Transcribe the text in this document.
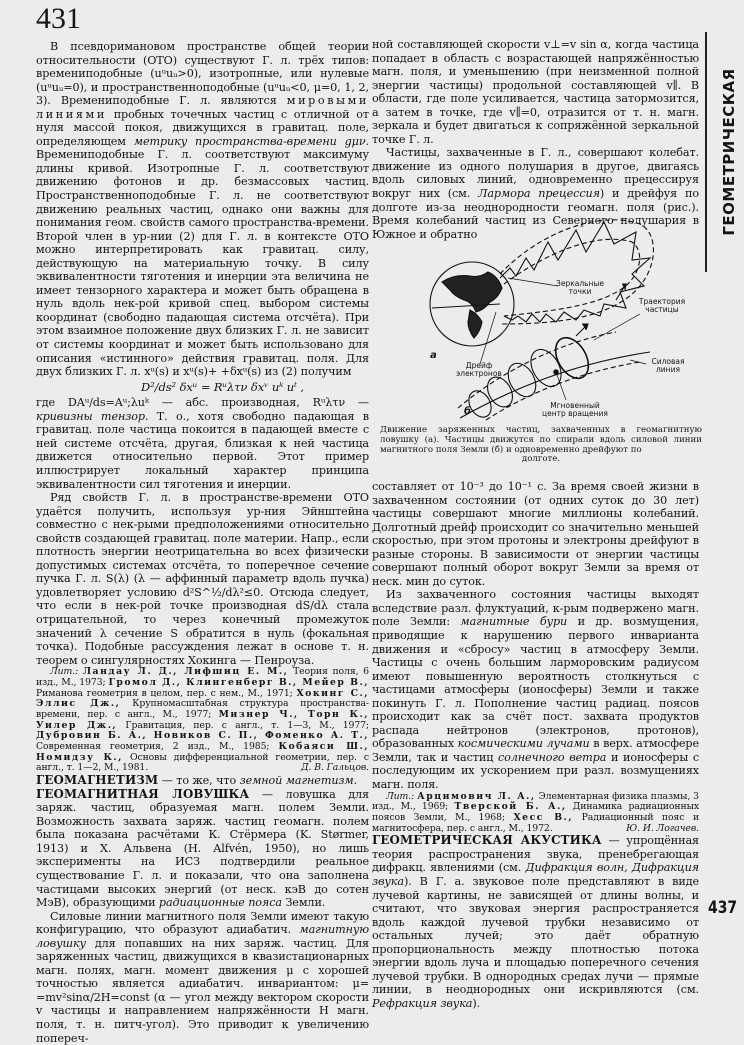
431
ГЕОМЕТРИЧЕСКАЯ
437

В псевдоримановом пространстве общей теории относительности (ОТО) существуют Г. л. трёх типов: времениподобные (uᵘuᵤ>0), изотропные, или нулевые (uᵘuᵤ=0), и пространственноподобные (uᵘuᵤ<0, μ=0, 1, 2, 3). Времениподобные Г. л. являются мировыми линиями пробных точечных частиц с отличной от нуля массой покоя, движущихся в гравитац. поле, определяющем метрику пространства-времени gμν. Времениподобные Г. л. соответствуют максимуму длины кривой. Изотропные Г. л. соответствуют движению фотонов и др. безмассовых частиц. Пространственноподобные Г. л. не соответствуют движению реальных частиц, однако они важны для понимания геом. свойств самого пространства-времени. Второй член в ур-нии (2) для Г. л. в контексте ОТО можно интерпретировать как гравитац. силу, действующую на материальную точку. В силу эквивалентности тяготения и инерции эта величина не имеет тензорного характера и может быть обращена в нуль вдоль нек-рой кривой спец. выбором системы координат (свободно падающая система отсчёта). При этом взаимное положение двух близких Г. л. не зависит от системы координат и может быть использовано для описания «истинного» действия гравитац. поля. Для двух близких Г. л. xᵘ(s) и xᵘ(s)+ +δxᵘ(s) из (2) получим

D²/ds² δxᵘ = Rᵘλτν δxᵛ uᵏ uᵗ ,

где DAᵘ/ds=Aᵘ;λuᵏ — абс. производная, Rᵘλτν — кривизны тензор. Т. о., хотя свободно падающая в гравитац. поле частица покоится в падающей вместе с ней системе отсчёта, другая, близкая к ней частица движется относительно первой. Этот пример иллюстрирует локальный характер принципа эквивалентности сил тяготения и инерции.

Ряд свойств Г. л. в пространстве-времени ОТО удаётся получить, используя ур-ния Эйнштейна совместно с нек-рыми предположениями относительно свойств создающей гравитац. поле материи. Напр., если плотность энергии неотрицательна во всех физически допустимых системах отсчёта, то поперечное сечение пучка Г. л. S(λ) (λ — аффинный параметр вдоль пучка) удовлетворяет условию d²S^½/dλ²≤0. Отсюда следует, что если в нек-рой точке производная dS/dλ стала отрицательной, то через конечный промежуток значений λ сечение S обратится в нуль (фокальная точка). Подобные рассуждения лежат в основе т. н. теорем о сингулярностях Хокинга — Пенроуза.

Лит.: Ландау Л. Д., Лифшиц Е. М., Теория поля, 6 изд., М., 1973; Громол Д., Клингенберг В., Мейер В., Риманова геометрия в целом, пер. с нем., М., 1971; Хокинг С., Эллис Дж., Крупномасштабная структура пространства-времени, пер. с англ., М., 1977; Мизнер Ч., Торн К., Уилер Дж., Гравитация, пер. с англ., т. 1—3, М., 1977; Дубровин Б. А., Новиков С. П., Фоменко А. Т., Современная геометрия, 2 изд., М., 1985; Кобаяси Ш., Номидзу К., Основы дифференциальной геометрии, пер. с англ., т. 1—2, М., 1981.	Д. В. Гальцов.

ГЕОМАГНЕТИЗМ — то же, что земной магнетизм.

ГЕОМАГНИТНАЯ ЛОВУШКА — ловушка для заряж. частиц, образуемая магн. полем Земли. Возможность захвата заряж. частиц геомагн. полем была показана расчётами К. Стёрмера (K. Størmer, 1913) и X. Альвена (H. Alfvén, 1950), но лишь эксперименты на ИСЗ подтвердили реальное существование Г. л. и показали, что она заполнена частицами высоких энергий (от неск. кэВ до сотен МэВ), образующими радиационные пояса Земли.

Силовые линии магнитного поля Земли имеют такую конфигурацию, что образуют адиабатич. магнитную ловушку для попавших на них заряж. частиц. Для заряженных частиц, движущихся в квазистационарных магн. полях, магн. момент движения μ с хорошей точностью является адиабатич. инвариантом: μ= =mv²sinα/2H=const (α — угол между вектором скорости v частицы и направлением напряжённости H магн. поля, т. н. питч-угол). Это приводит к увеличению попереч-

ной составляющей скорости v⊥=v sin α, когда частица попадает в область с возрастающей напряжённостью магн. поля, и уменьшению (при неизменной полной энергии частицы) продольной составляющей v∥. В области, где поле усиливается, частица затормозится, а затем в точке, где v∥=0, отразится от т. н. магн. зеркала и будет двигаться к сопряжённой зеркальной точке Г. л.

Частицы, захваченные в Г. л., совершают колебат. движение из одного полушария в другое, двигаясь вдоль силовых линий, одновременно прецессируя вокруг них (см. Лармора прецессия) и дрейфуя по долготе из-за неоднородности геомагн. поля (рис.). Время колебаний частиц из Северного полушария в Южное и обратно

Зеркальные точки
Дрейф электронов
Траектория частицы
Силовая линия
Мгновенный центр вращения
а
б
Движение заряженных частиц, захваченных в геомагнитную ловушку (а). Частицы движутся по спирали вдоль силовой линии магнитного поля Земли (б) и одновременно дрейфуют по
долготе.

составляет от 10⁻³ до 10⁻¹ с. За время своей жизни в захваченном состоянии (от одних суток до 30 лет) частицы совершают многие миллионы колебаний. Долготный дрейф происходит со значительно меньшей скоростью, при этом протоны и электроны дрейфуют в разные стороны. В зависимости от энергии частицы совершают полный оборот вокруг Земли за время от неск. мин до суток.

Из захваченного состояния частицы выходят вследствие разл. флуктуаций, к-рым подвержено магн. поле Земли: магнитные бури и др. возмущения, приводящие к нарушению первого инварианта движения и «сбросу» частиц в атмосферу Земли. Частицы с очень большим ларморовским радиусом имеют повышенную вероятность столкнуться с частицами атмосферы (ионосферы) Земли и также покинуть Г. л. Пополнение частиц радиац. поясов происходит как за счёт пост. захвата продуктов распада нейтронов (электронов, протонов), образованных космическими лучами в верх. атмосфере Земли, так и частиц солнечного ветра и ионосферы с последующим их ускорением при разл. возмущениях магн. поля.

Лит.: Арцимович Л. А., Элементарная физика плазмы, 3 изд., М., 1969; Тверской Б. А., Динамика радиационных поясов Земли, М., 1968; Хесс В., Радиационный пояс и магнитосфера, пер. с англ., М., 1972.	Ю. И. Логачев.

ГЕОМЕТРИЧЕСКАЯ АКУСТИКА — упрощённая теория распространения звука, пренебрегающая дифракц. явлениями (см. Дифракция волн, Дифракция звука). В Г. а. звуковое поле представляют в виде лучевой картины, не зависящей от длины волны, и считают, что звуковая энергия распространяется вдоль каждой лучевой трубки независимо от остальных лучей; это даёт обратную пропорциональность между плотностью потока энергии вдоль луча и площадью поперечного сечения лучевой трубки. В однородных средах лучи — прямые линии, в неоднородных они искривляются (см. Рефракция звука).
